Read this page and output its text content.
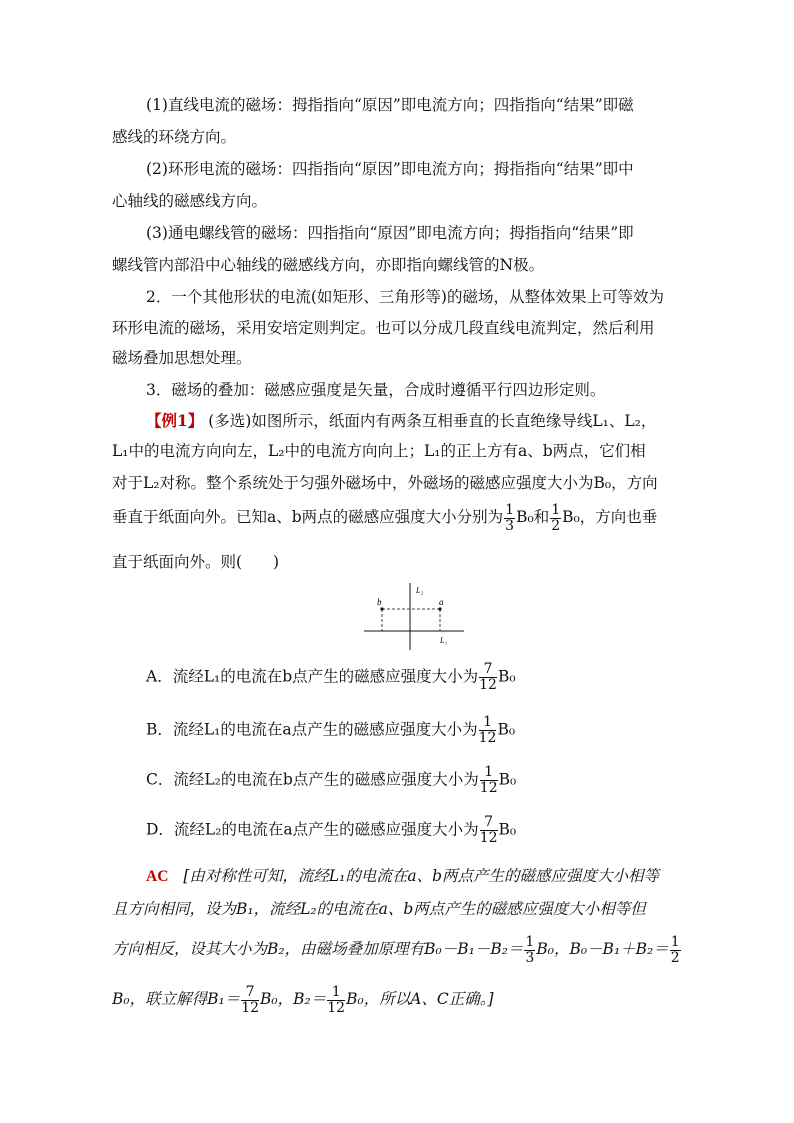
(1)直线电流的磁场：拇指指向“原因”即电流方向；四指指向“结果”即磁
感线的环绕方向。
(2)环形电流的磁场：四指指向“原因”即电流方向；拇指指向“结果”即中
心轴线的磁感线方向。
(3)通电螺线管的磁场：四指指向“原因”即电流方向；拇指指向“结果”即
螺线管内部沿中心轴线的磁感线方向，亦即指向螺线管的N极。
2．一个其他形状的电流(如矩形、三角形等)的磁场，从整体效果上可等效为
环形电流的磁场，采用安培定则判定。也可以分成几段直线电流判定，然后利用
磁场叠加思想处理。
3．磁场的叠加：磁感应强度是矢量，合成时遵循平行四边形定则。
【例1】 (多选)如图所示，纸面内有两条互相垂直的长直绝缘导线L₁、L₂，
L₁中的电流方向向左，L₂中的电流方向向上；L₁的正上方有a、b两点，它们相
对于L₂对称。整个系统处于匀强外磁场中，外磁场的磁感应强度大小为B₀，方向
垂直于纸面向外。已知a、b两点的磁感应强度大小分别为 $\frac{1}{3} B_0$和 $\frac{1}{2} B_0$，方向也垂
直于纸面向外。则(　　)
b	a
L₂
L₁
A．流经L₁的电流在b点产生的磁感应强度大小为 $\frac{7}{12} B_0$
B．流经L₁的电流在a点产生的磁感应强度大小为 $\frac{1}{12} B_0$
C．流经L₂的电流在b点产生的磁感应强度大小为 $\frac{1}{12} B_0$
D．流经L₂的电流在a点产生的磁感应强度大小为 $\frac{7}{12} B_0$
AC [由对称性可知，流经L₁的电流在a、b两点产生的磁感应强度大小相等
且方向相同，设为B₁，流经L₂的电流在a、b两点产生的磁感应强度大小相等但
方向相反，设其大小为B₂，由磁场叠加原理有$B_0-B_1-B_2= \frac{1}{3} B_0$，$B_0-B_1+B_2= \frac{1}{2}$
B₀，联立解得$B_1= \frac{7}{12} B_0$，$B_2= \frac{1}{12} B_0$，所以A、C正确。]
